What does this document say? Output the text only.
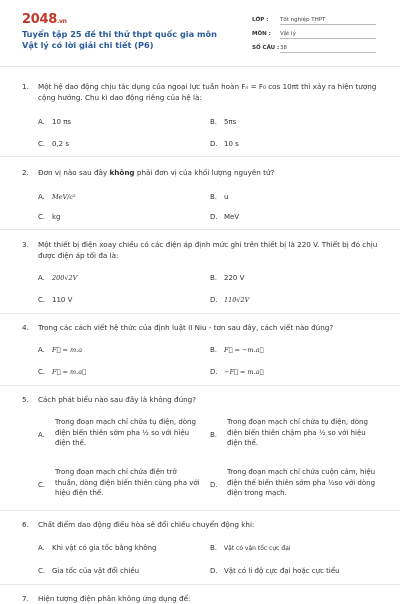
2048.vn
Tuyển tập 25 đề thi thử thpt quốc gia môn Vật lý có lời giải chi tiết (P6)
LỚP : Tốt nghiệp THPT
MÔN : Vật lý
SỐ CÂU :38
1.	Một hệ dao động chịu tác dụng của ngoại lực tuần hoàn Fₙ = F₀ cos 10πt thì xảy ra hiện tượng cộng hưởng. Chu kì dao động riêng của hệ là:
A. 10 πs	B. 5πs
C. 0,2 s	D. 10 s
2.	Đơn vị nào sau đây không phải đơn vị của khối lượng nguyên tử?
A. MeV/c²	B. u
C. kg	D. MeV
3.	Một thiết bị điện xoay chiều có các điện áp định mức ghi trên thiết bị là 220 V. Thiết bị đó chịu được điện áp tối đa là:
A. 200√2V	B. 220 V
C. 110 V	D. 110√2V
4.	Trong các cách viết hệ thức của định luật II Niu - tơn sau đây, cách viết nào đúng?
A. F⃗ = m.a	B. F⃗ = −m.a⃗
C. F⃗ = m.a⃗	D. −F⃗ = m.a⃗
5.	Cách phát biểu nào sau đây là không đúng?
A.
Trong đoạn mạch chỉ chứa tụ điện, dòng điện biến thiên sớm pha ½ so với hiệu điện thế.
B.
Trong đoạn mạch chỉ chứa tụ điện, dòng điện biến thiên chậm pha ½ so với hiệu điện thế.
C.
Trong đoạn mạch chỉ chứa điện trở thuần, dòng điện biến thiên cùng pha với hiệu điện thế.
D.
Trong đoạn mạch chỉ chứa cuộn cảm, hiệu điện thế biến thiên sớm pha ½so với dòng điện trong mạch.
6.	Chất điểm dao động điều hòa sẽ đổi chiều chuyển động khi:
A. Khi vật có gia tốc bằng không	B. Vật có vận tốc cực đại
C. Gia tốc của vật đổi chiều	D. Vật có li độ cực đại hoặc cực tiểu
7.	Hiện tượng điện phân không ứng dụng để:
